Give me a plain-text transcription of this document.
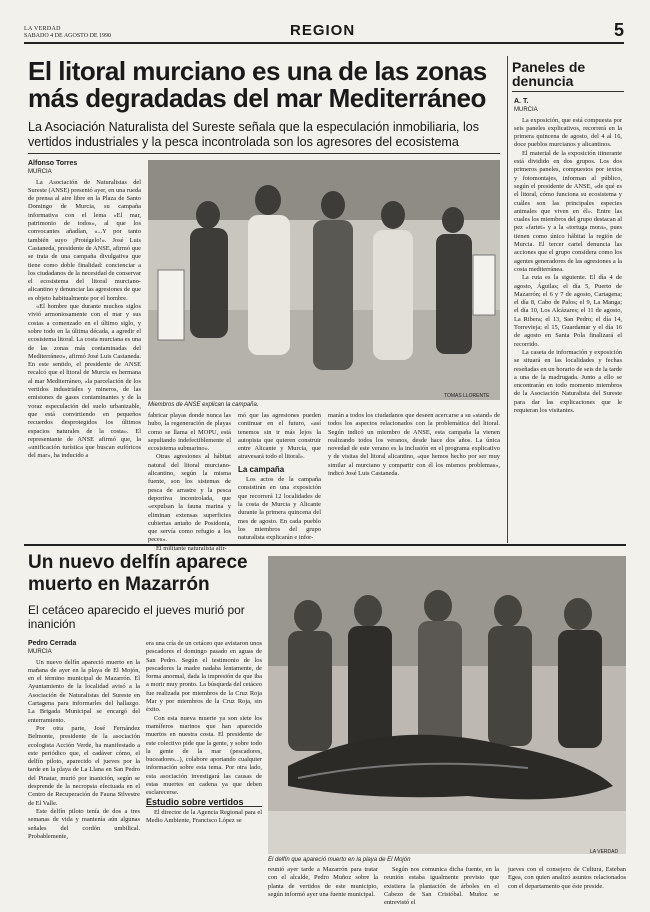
LA VERDAD
SABADO 4 DE AGOSTO DE 1990	REGION	5
El litoral murciano es una de las zonas más degradadas del mar Mediterráneo

La Asociación Naturalista del Sureste señala que la especulación inmobiliaria, los vertidos industriales y la pesca incontrolada son los agresores del ecosistema

Alfonso Torres

MURCIA

La Asociación de Naturalistas del Sureste (ANSE) presentó ayer, en una rueda de prensa al aire libre en la Plaza de Santo Domingo de Murcia, su campaña informativa con el lema «El mar, patrimonio de todos», al que los convocantes añadían, «...Y por tanto también suyo ¡Protégelo!». José Luis Castaneda, presidente de ANSE, afirmó que se trata de una campaña divulgativa que tiene como doble finalidad: concienciar a los ciudadanos de la necesidad de conservar el ecosistema del litoral murciano-alicantino y denunciar las agresiones de que es objeto habitualmente por el hombre.

«El hombre que durante muchos siglos vivió armoniosamente con el mar y sus costas a comenzado en el último siglo, y sobre todo en la última década, a agredir el ecosistema litoral. La costa murciana es una de las zonas más contaminadas del Mediterráneo», afirmó José Luis Castaneda. En este sentido, el presidente de ANSE recalcó que el litoral de Murcia es hermana al mar Mediterráneo, «la parcelación de los vertidos industriales y mineros, de las emisiones de gases contaminantes y de la voraz especulación del suelo urbanizable, que está convirtiendo en pequeños recuerdos desprotegidos los últimos espacios naturales de la costa». El representante de ANSE afirmó que, la «unificación turística que buscan eufóricos del mar», ha inducido a

TOMAS LLORENTE
Miembros de ANSE explican la campaña.

fabricar playas donde nunca las hubo, la regeneración de playas como se llama el MOPU, está sepultando indefectiblemente el ecosistema submarino».

Otras agresiones al hábitat natural del litoral murciano-alicantino, según la misma fuente, son los sistemas de pesca de arrastre y la pesca deportiva incontrolada, que «expulsan la fauna marina y eliminan extensas superficies cubiertas antaño de Posidonia, que servía como refugio a los peces».

El militante naturalista afir-

mó que las agresiones pueden continuar en el futuro, «así tenemos sin ir más lejos la autopista que quieren construir entre Alicante y Murcia, que atravesará todo el litoral».

La campaña

Los actos de la campaña consistirán en una exposición que recorrerá 12 localidades de la costa de Murcia y Alicante durante la primera quincena del mes de agosto. En cada pueblo los miembros del grupo naturalista explicarán e infor-

marán a todos los ciudadanos que deseen acercarse a su «stand» de todos los aspectos relacionados con la problemática del litoral. Según indicó un miembro de ANSE, esta campaña la vienen realizando todos los veranos, desde hace dos años. La única novedad de este verano es la inclusión en el programa explicativo y de visitas del litoral alicantino, «que hemos hecho por ser muy similar al murciano y compartir con él los mismos problemas», indicó José Luis Castaneda.

Paneles de denuncia

A. T.

MURCIA

La exposición, que está compuesta por seis paneles explicativos, recorrerá en la primera quincena de agosto, del 4 al 16, doce pueblos murcianos y alicantinos.

El material de la exposición itinerante está dividido en dos grupos. Los dos primeros paneles, compuestos por textos y fotomontajes, informan al público, según el presidente de ANSE, «de qué es el litoral, cómo funciona su ecosistema y cuáles son las principales especies animales que viven en él». Entre las cuales los miembros del grupo destacan al pez «fartet» y a la «tortuga mora», pues tienen como único hábitat la región de Murcia. El tercer cartel denuncia las acciones que el grupo considera como los agentes generadores de las agresiones a la costa mediterránea.

La ruta es la siguiente. El día 4 de agosto, Águilas; el día 5, Puerto de Mazarrón; el 6 y 7 de agosto, Cartagena; el día 8, Cabo de Palos; el 9, La Manga; el día 10, Los Alcázares; el 11 de agosto, La Ribera; el 13, San Pedro; el día 14, Torrevieja; el 15, Guardamar y el día 16 de agosto en Santa Pola finalizará el recorrido.

La caseta de información y exposición se situará en las localidades y fechas reseñadas en un horario de seis de la tarde a una de la madrugada. Junto a ello se encontrarán en todo momento miembros de la Asociación Naturalista del Sureste para dar las explicaciones que le requieran los visitantes.

Un nuevo delfín aparece muerto en Mazarrón

El cetáceo aparecido el jueves murió por inanición

Pedro Cerrada

MURCIA

Un nuevo delfín apareció muerto en la mañana de ayer en la playa de El Mojón, en el término municipal de Mazarrón. El Ayuntamiento de la localidad avisó a la Asociación de Naturalistas del Sureste en Cartagena para informarles del hallazgo. La Brigada Municipal se encargó del enterramiento.

Por otra parte, José Fernández Belmonte, presidente de la asociación ecologista Acción Verde, ha manifestado a este periódico que, el cadáver cómo, el delfín piloto, aparecido el jueves por la tarde en la playa de La Llana en San Pedro del Pinatar, murió por inanición, según se desprende de la necropsia efectuada en el Centro de Recuperación de Fauna Silvestre de El Valle.

Este delfín piloto tenía de dos a tres semanas de vida y mantenía aún algunas señales del cordón umbilical. Probablemente,

era una cría de un cetáceo que avistaron unos pescadores el domingo pasado en aguas de San Pedro. Según el testimonio de los pescadores la madre nadaba lentamente, de forma anormal, dada la impresión de que iba a morir muy pronto. La búsqueda del cetáceo fue realizada por miembros de la Cruz Roja Mar y por miembros de la Cruz Roja, sin éxito.

Con esta nueva muerte ya son siete los mamíferos marinos que han aparecido muertos en nuestra costa. El presidente de este colectivo pide que la gente, y sobre todo la gente de la mar (pescadores, buceadores...), colabore aportando cualquier información sobre esta tema. Por otra lado, esta asociación investigará las causas de estas muertes en cadena ya que deben esclarecerse.

Estudio sobre vertidos

El director de la Agencia Regional para el Medio Ambiente, Francisco López se

LA VERDAD
El delfín que apareció muerto en la playa de El Mojón

reunió ayer tarde a Mazarrón para tratar con el alcalde, Pedro Muñoz sobre la planta de vertidos de este municipio, según informó ayer una fuente municipal.

Según nos comunica dicha fuente, en la reunión estaba igualmente previsto que existiera la plantación de árboles en el Cabezo de San Cristóbal. Muñoz se entrevistó el

jueves con el consejero de Cultura, Esteban Egea, con quien analizó asuntos relacionados con el departamento que éste preside.
